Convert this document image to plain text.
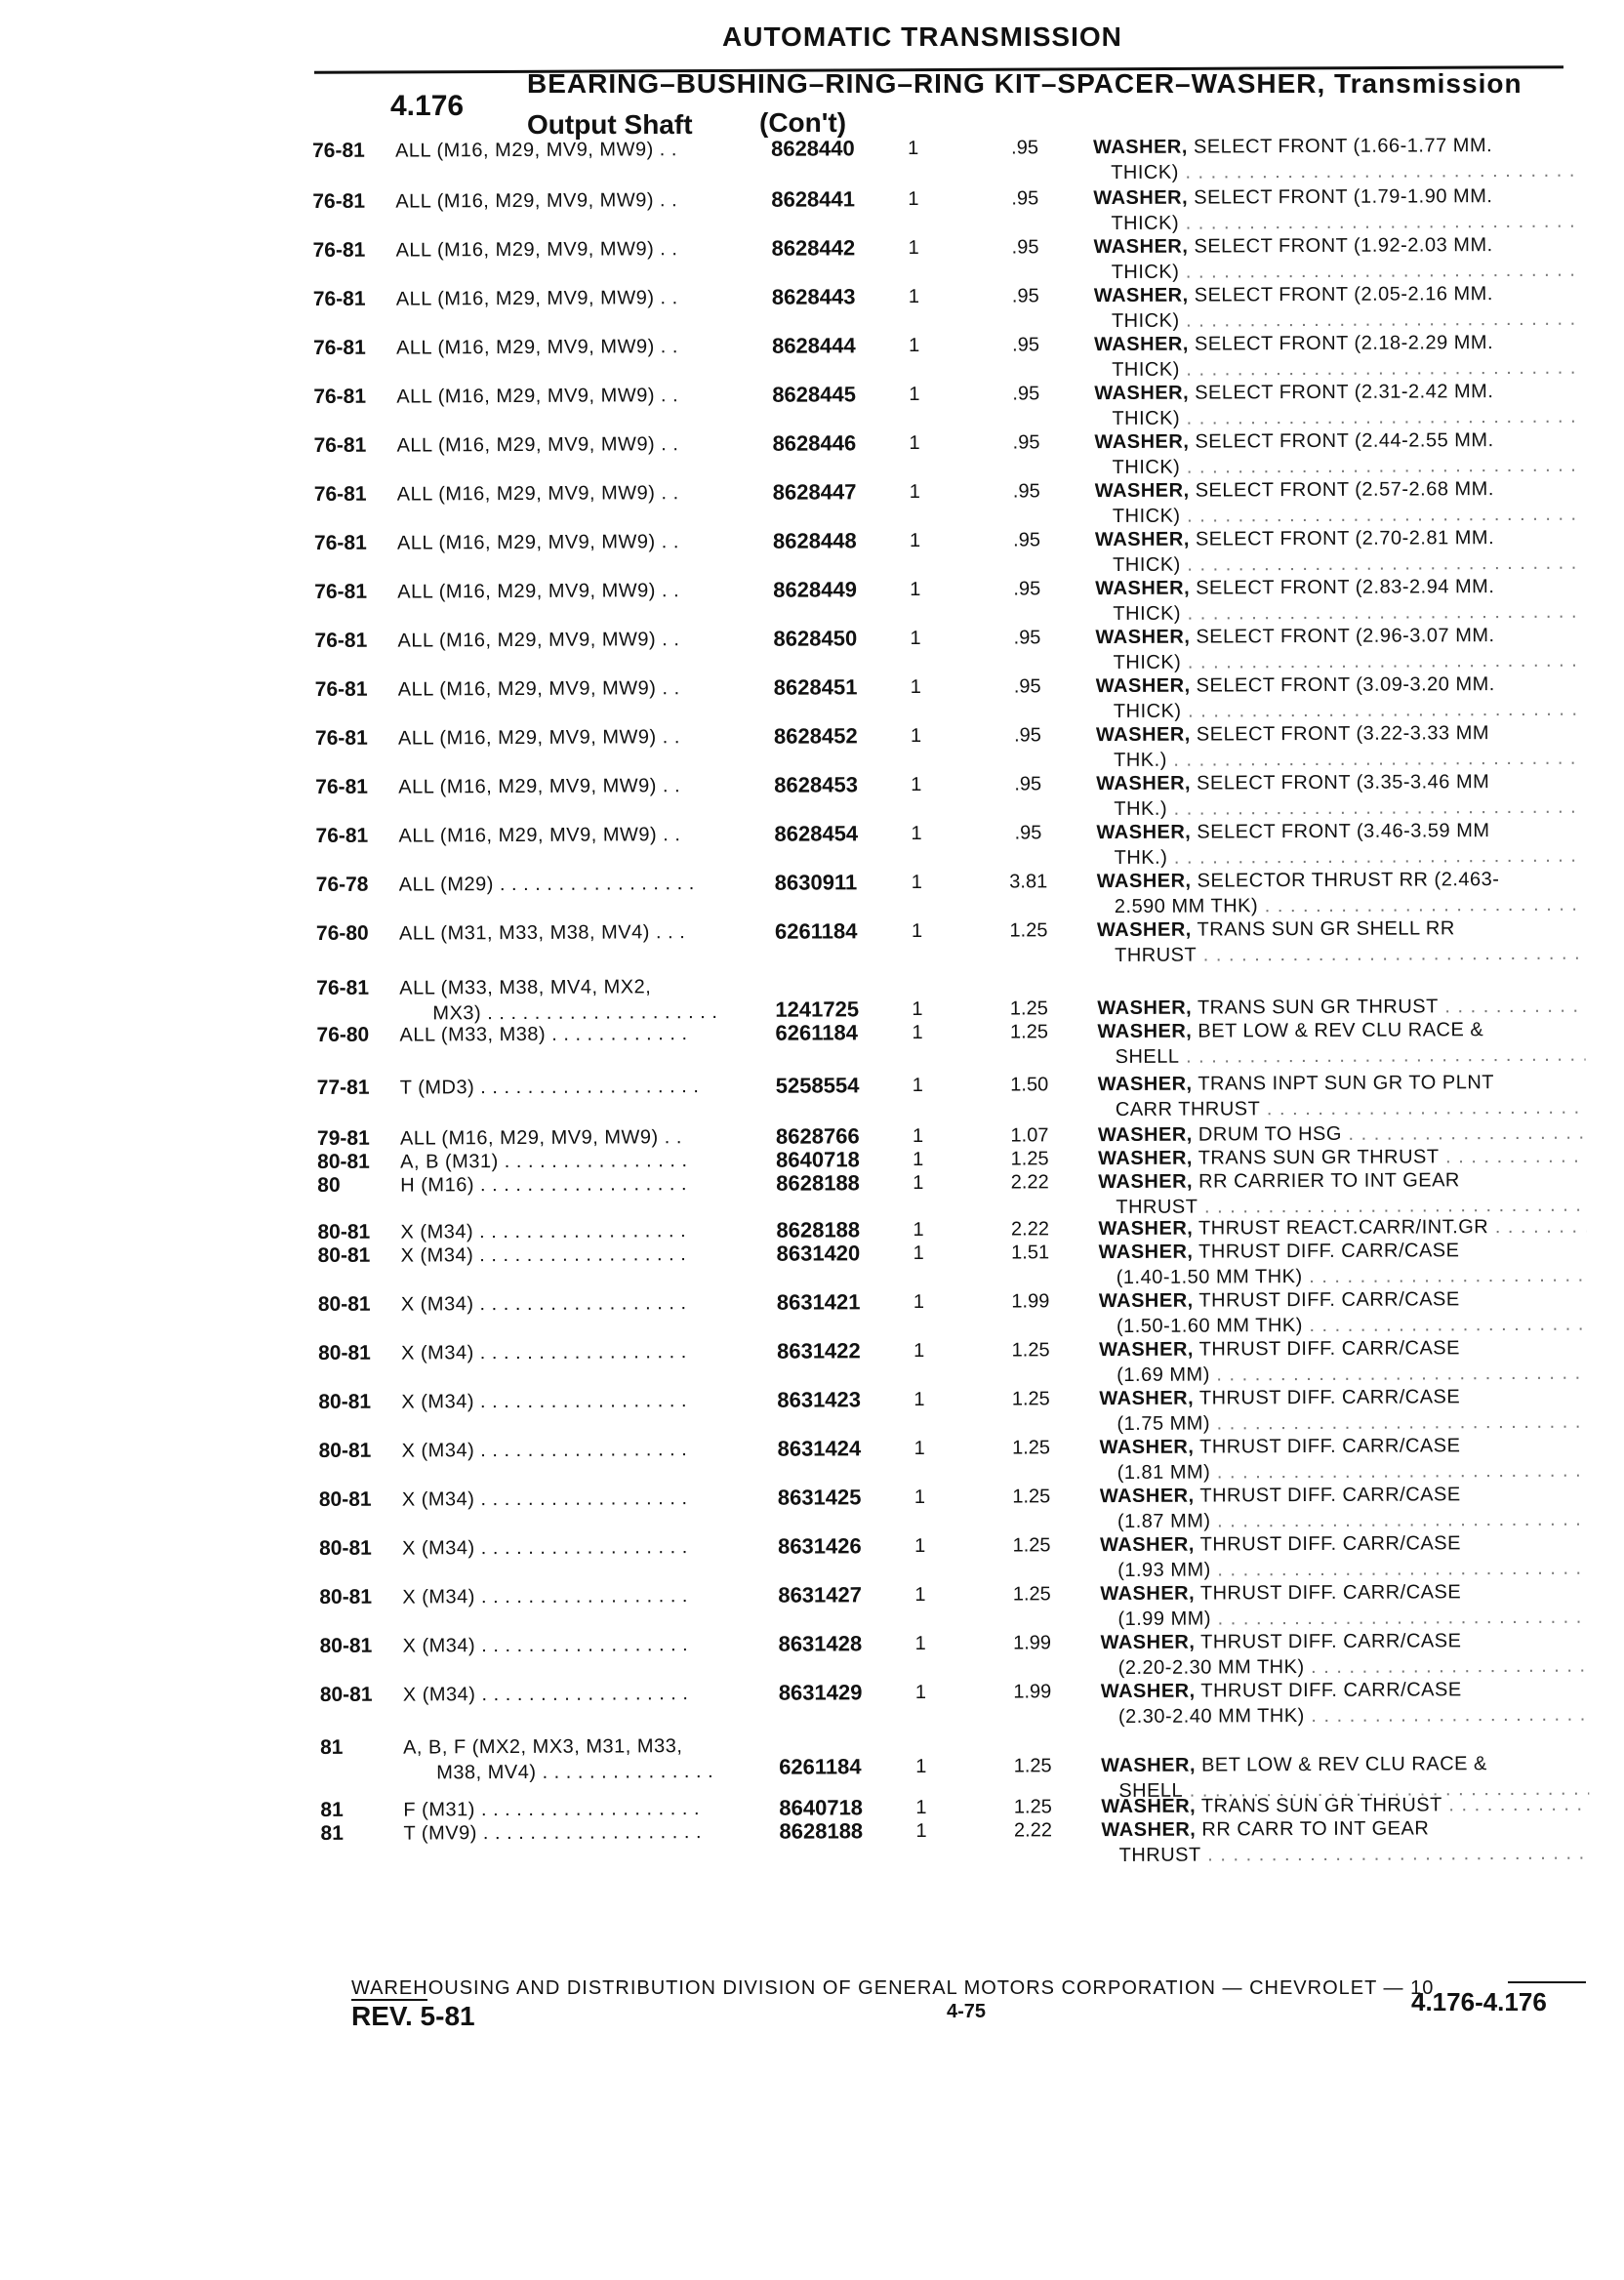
AUTOMATIC TRANSMISSION
4.176
BEARING–BUSHING–RING–RING KIT–SPACER–WASHER, Transmission
Output Shaft (Con't)
76-81	ALL (M16, M29, MV9, MW9) . .	8628440	1	.95	WASHER, SELECT FRONT (1.66-1.77 MM.
THICK) . . .
76-81	ALL (M16, M29, MV9, MW9) . .	8628441	1	.95	WASHER, SELECT FRONT (1.79-1.90 MM.
THICK) . . .
76-81	ALL (M16, M29, MV9, MW9) . .	8628442	1	.95	WASHER, SELECT FRONT (1.92-2.03 MM.
THICK) . . .
76-81	ALL (M16, M29, MV9, MW9) . .	8628443	1	.95	WASHER, SELECT FRONT (2.05-2.16 MM.
THICK) . . .
76-81	ALL (M16, M29, MV9, MW9) . .	8628444	1	.95	WASHER, SELECT FRONT (2.18-2.29 MM.
THICK) . . .
76-81	ALL (M16, M29, MV9, MW9) . .	8628445	1	.95	WASHER, SELECT FRONT (2.31-2.42 MM.
THICK) . . .
76-81	ALL (M16, M29, MV9, MW9) . .	8628446	1	.95	WASHER, SELECT FRONT (2.44-2.55 MM.
THICK) . . .
76-81	ALL (M16, M29, MV9, MW9) . .	8628447	1	.95	WASHER, SELECT FRONT (2.57-2.68 MM.
THICK) . . .
76-81	ALL (M16, M29, MV9, MW9) . .	8628448	1	.95	WASHER, SELECT FRONT (2.70-2.81 MM.
THICK) . . .
76-81	ALL (M16, M29, MV9, MW9) . .	8628449	1	.95	WASHER, SELECT FRONT (2.83-2.94 MM.
THICK) . . .
76-81	ALL (M16, M29, MV9, MW9) . .	8628450	1	.95	WASHER, SELECT FRONT (2.96-3.07 MM.
THICK) . . .
76-81	ALL (M16, M29, MV9, MW9) . .	8628451	1	.95	WASHER, SELECT FRONT (3.09-3.20 MM.
THICK) . . .
76-81	ALL (M16, M29, MV9, MW9) . .	8628452	1	.95	WASHER, SELECT FRONT (3.22-3.33 MM
THK.) . . .
76-81	ALL (M16, M29, MV9, MW9) . .	8628453	1	.95	WASHER, SELECT FRONT (3.35-3.46 MM
THK.) . . .
76-81	ALL (M16, M29, MV9, MW9) . .	8628454	1	.95	WASHER, SELECT FRONT (3.46-3.59 MM
THK.) . . .
76-78	ALL (M29) . . . . . . . . . . . . . . . . .	8630911	1	3.81	WASHER, SELECTOR THRUST RR (2.463-
2.590 MM THK) . . .
76-80	ALL (M31, M33, M38, MV4) . . .	6261184	1	1.25	WASHER, TRANS SUN GR SHELL RR
THRUST . . .
76-81	ALL (M33, M38, MV4, MX2,
MX3) . . . . . . . . . . . . . . . . . . . .	1241725	1	1.25	WASHER, TRANS SUN GR THRUST . . .
76-80	ALL (M33, M38) . . . . . . . . . . . .	6261184	1	1.25	WASHER, BET LOW & REV CLU RACE &
SHELL . . .
77-81	T (MD3) . . . . . . . . . . . . . . . . . . .	5258554	1	1.50	WASHER, TRANS INPT SUN GR TO PLNT
CARR THRUST . . .
79-81	ALL (M16, M29, MV9, MW9) . .	8628766	1	1.07	WASHER, DRUM TO HSG . . .
80-81	A, B (M31) . . . . . . . . . . . . . . . .	8640718	1	1.25	WASHER, TRANS SUN GR THRUST . . .
80	H (M16) . . . . . . . . . . . . . . . . . .	8628188	1	2.22	WASHER, RR CARRIER TO INT GEAR
THRUST . . .
80-81	X (M34) . . . . . . . . . . . . . . . . . .	8628188	1	2.22	WASHER, THRUST REACT.CARR/INT.GR . . .
80-81	X (M34) . . . . . . . . . . . . . . . . . .	8631420	1	1.51	WASHER, THRUST DIFF. CARR/CASE
(1.40-1.50 MM THK) . . .
80-81	X (M34) . . . . . . . . . . . . . . . . . .	8631421	1	1.99	WASHER, THRUST DIFF. CARR/CASE
(1.50-1.60 MM THK) . . .
80-81	X (M34) . . . . . . . . . . . . . . . . . .	8631422	1	1.25	WASHER, THRUST DIFF. CARR/CASE
(1.69 MM) . . .
80-81	X (M34) . . . . . . . . . . . . . . . . . .	8631423	1	1.25	WASHER, THRUST DIFF. CARR/CASE
(1.75 MM) . . .
80-81	X (M34) . . . . . . . . . . . . . . . . . .	8631424	1	1.25	WASHER, THRUST DIFF. CARR/CASE
(1.81 MM) . . .
80-81	X (M34) . . . . . . . . . . . . . . . . . .	8631425	1	1.25	WASHER, THRUST DIFF. CARR/CASE
(1.87 MM) . . .
80-81	X (M34) . . . . . . . . . . . . . . . . . .	8631426	1	1.25	WASHER, THRUST DIFF. CARR/CASE
(1.93 MM) . . .
80-81	X (M34) . . . . . . . . . . . . . . . . . .	8631427	1	1.25	WASHER, THRUST DIFF. CARR/CASE
(1.99 MM) . . .
80-81	X (M34) . . . . . . . . . . . . . . . . . .	8631428	1	1.99	WASHER, THRUST DIFF. CARR/CASE
(2.20-2.30 MM THK) . . .
80-81	X (M34) . . . . . . . . . . . . . . . . . .	8631429	1	1.99	WASHER, THRUST DIFF. CARR/CASE
(2.30-2.40 MM THK) . . .
81	A, B, F (MX2, MX3, M31, M33,
M38, MV4) . . . . . . . . . . . . . . .	6261184	1	1.25	WASHER, BET LOW & REV CLU RACE &
SHELL . . .
81	F (M31) . . . . . . . . . . . . . . . . . . .	8640718	1	1.25	WASHER, TRANS SUN GR THRUST . . .
81	T (MV9) . . . . . . . . . . . . . . . . . . .	8628188	1	2.22	WASHER, RR CARR TO INT GEAR
THRUST . . .
WAREHOUSING AND DISTRIBUTION DIVISION OF GENERAL MOTORS CORPORATION — CHEVROLET — 10
REV. 5-81	4-75	4.176-4.176
